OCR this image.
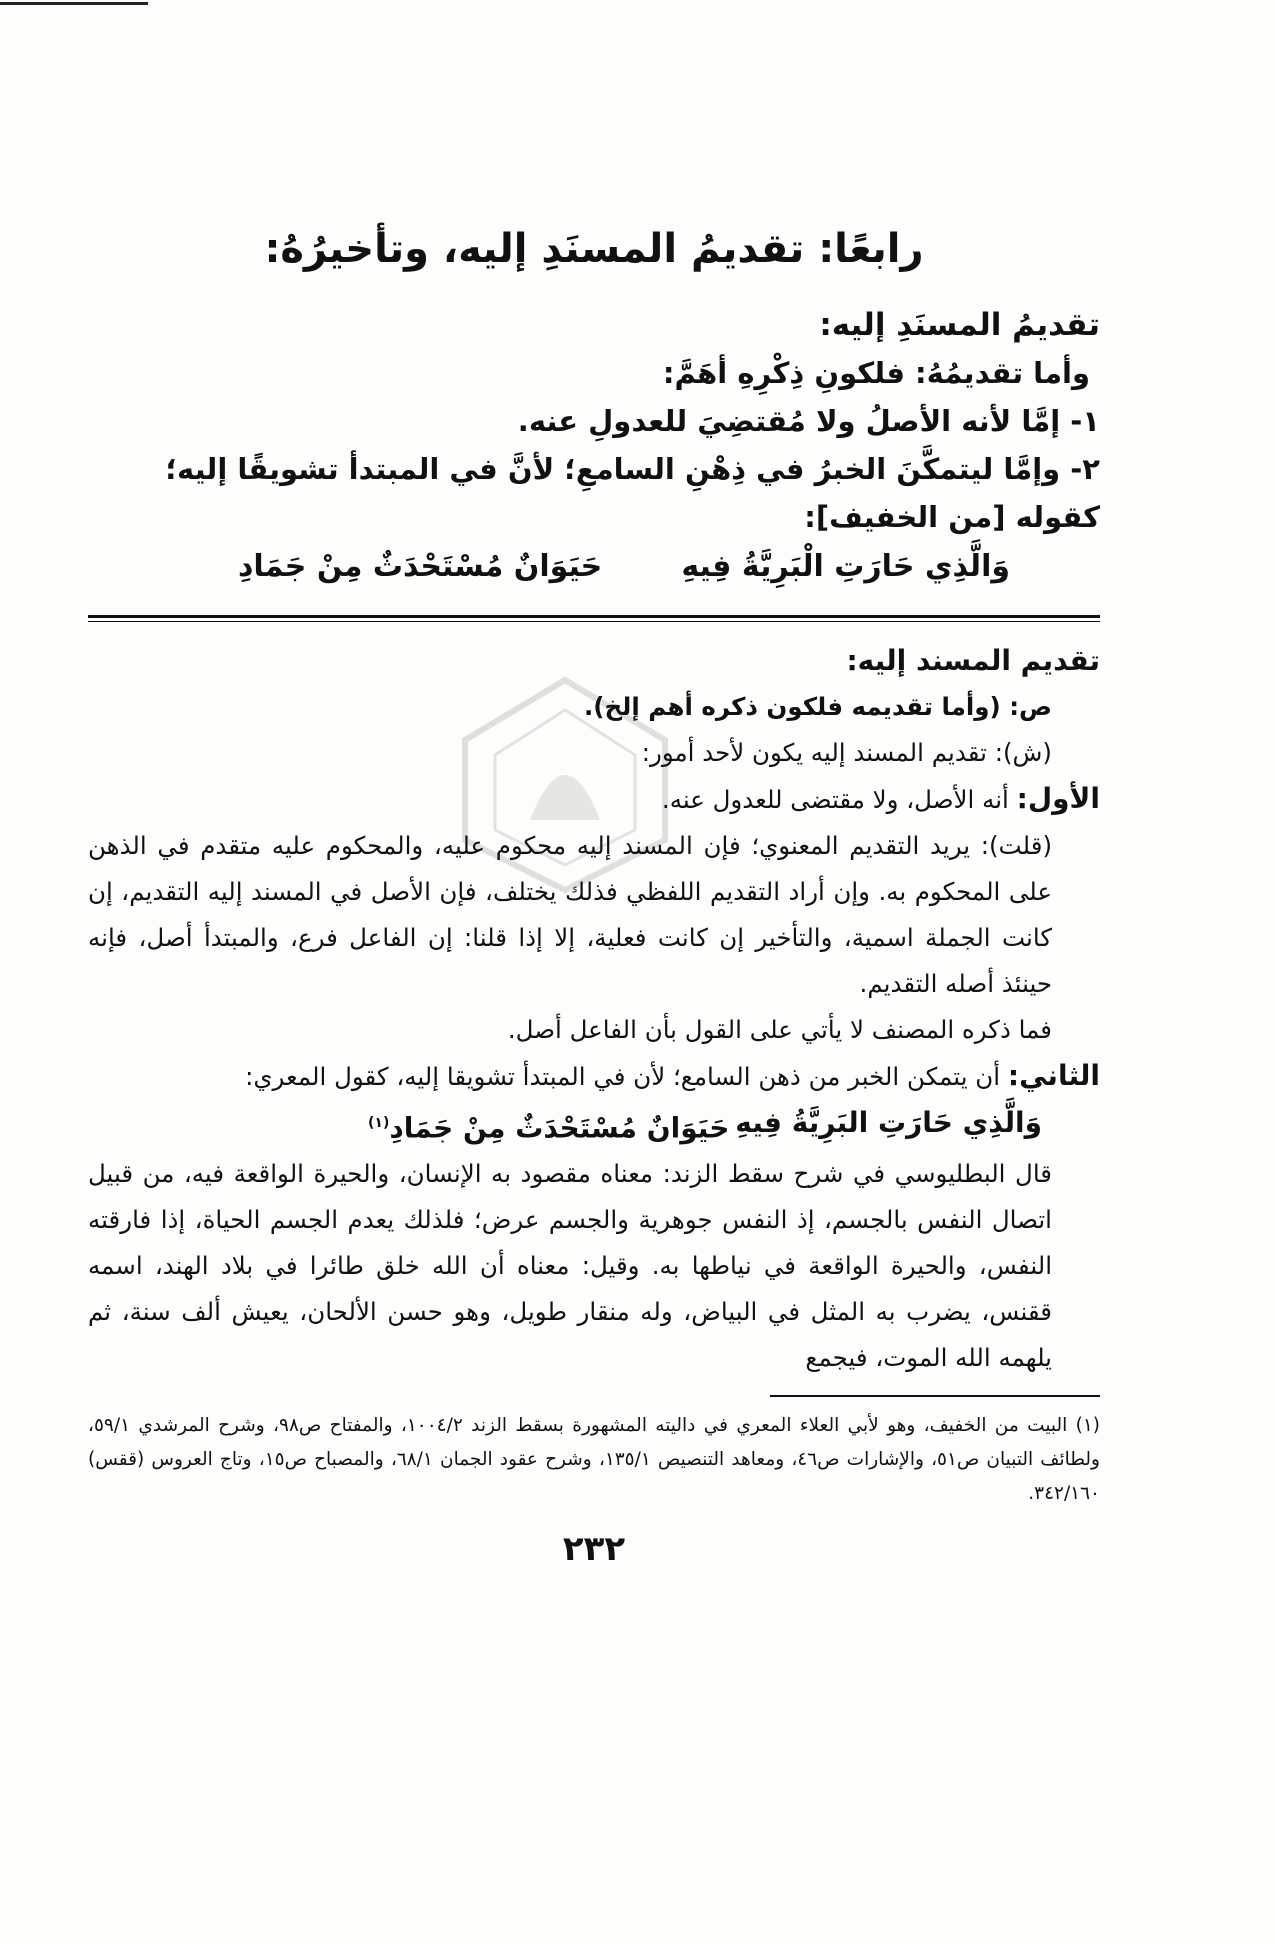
رابعًا: تقديمُ المسنَدِ إليه، وتأخيرُهُ:

تقديمُ المسنَدِ إليه:

وأما تقديمُهُ: فلكونِ ذِكْرِهِ أهَمَّ:

١- إمَّا لأنه الأصلُ ولا مُقتضِيَ للعدولِ عنه.

٢- وإمَّا ليتمكَّنَ الخبرُ في ذِهْنِ السامعِ؛ لأنَّ في المبتدأ تشويقًا إليه؛ كقوله [من الخفيف]:

وَالَّذِي حَارَتِ الْبَرِيَّةُ فِيهِ
حَيَوَانٌ مُسْتَحْدَثٌ مِنْ جَمَادِ

تقديم المسند إليه:

ص: (وأما تقديمه فلكون ذكره أهم إلخ).

(ش): تقديم المسند إليه يكون لأحد أمور:

الأول: أنه الأصل، ولا مقتضى للعدول عنه.

(قلت): يريد التقديم المعنوي؛ فإن المسند إليه محكوم عليه، والمحكوم عليه متقدم في الذهن على المحكوم به. وإن أراد التقديم اللفظي فذلك يختلف، فإن الأصل في المسند إليه التقديم، إن كانت الجملة اسمية، والتأخير إن كانت فعلية، إلا إذا قلنا: إن الفاعل فرع، والمبتدأ أصل، فإنه حينئذ أصله التقديم.

فما ذكره المصنف لا يأتي على القول بأن الفاعل أصل.

الثاني: أن يتمكن الخبر من ذهن السامع؛ لأن في المبتدأ تشويقا إليه، كقول المعري:

وَالَّذِي حَارَتِ البَرِيَّةُ فِيهِ
حَيَوَانٌ مُسْتَحْدَثٌ مِنْ جَمَادِ$^{(١)}$

قال البطليوسي في شرح سقط الزند: معناه مقصود به الإنسان، والحيرة الواقعة فيه، من قبيل اتصال النفس بالجسم، إذ النفس جوهرية والجسم عرض؛ فلذلك يعدم الجسم الحياة، إذا فارقته النفس، والحيرة الواقعة في نياطها به. وقيل: معناه أن الله خلق طائرا في بلاد الهند، اسمه ققنس، يضرب به المثل في البياض، وله منقار طويل، وهو حسن الألحان، يعيش ألف سنة، ثم يلهمه الله الموت، فيجمع

(١) البيت من الخفيف، وهو لأبي العلاء المعري في داليته المشهورة بسقط الزند ١٠٠٤/٢، والمفتاح ص٩٨، وشرح المرشدي ٥٩/١، ولطائف التبيان ص٥١، والإشارات ص٤٦، ومعاهد التنصيص ١٣٥/١، وشرح عقود الجمان ٦٨/١، والمصباح ص١٥، وتاج العروس (ققس) ٣٤٢/١٦٠.

٢٣٢
